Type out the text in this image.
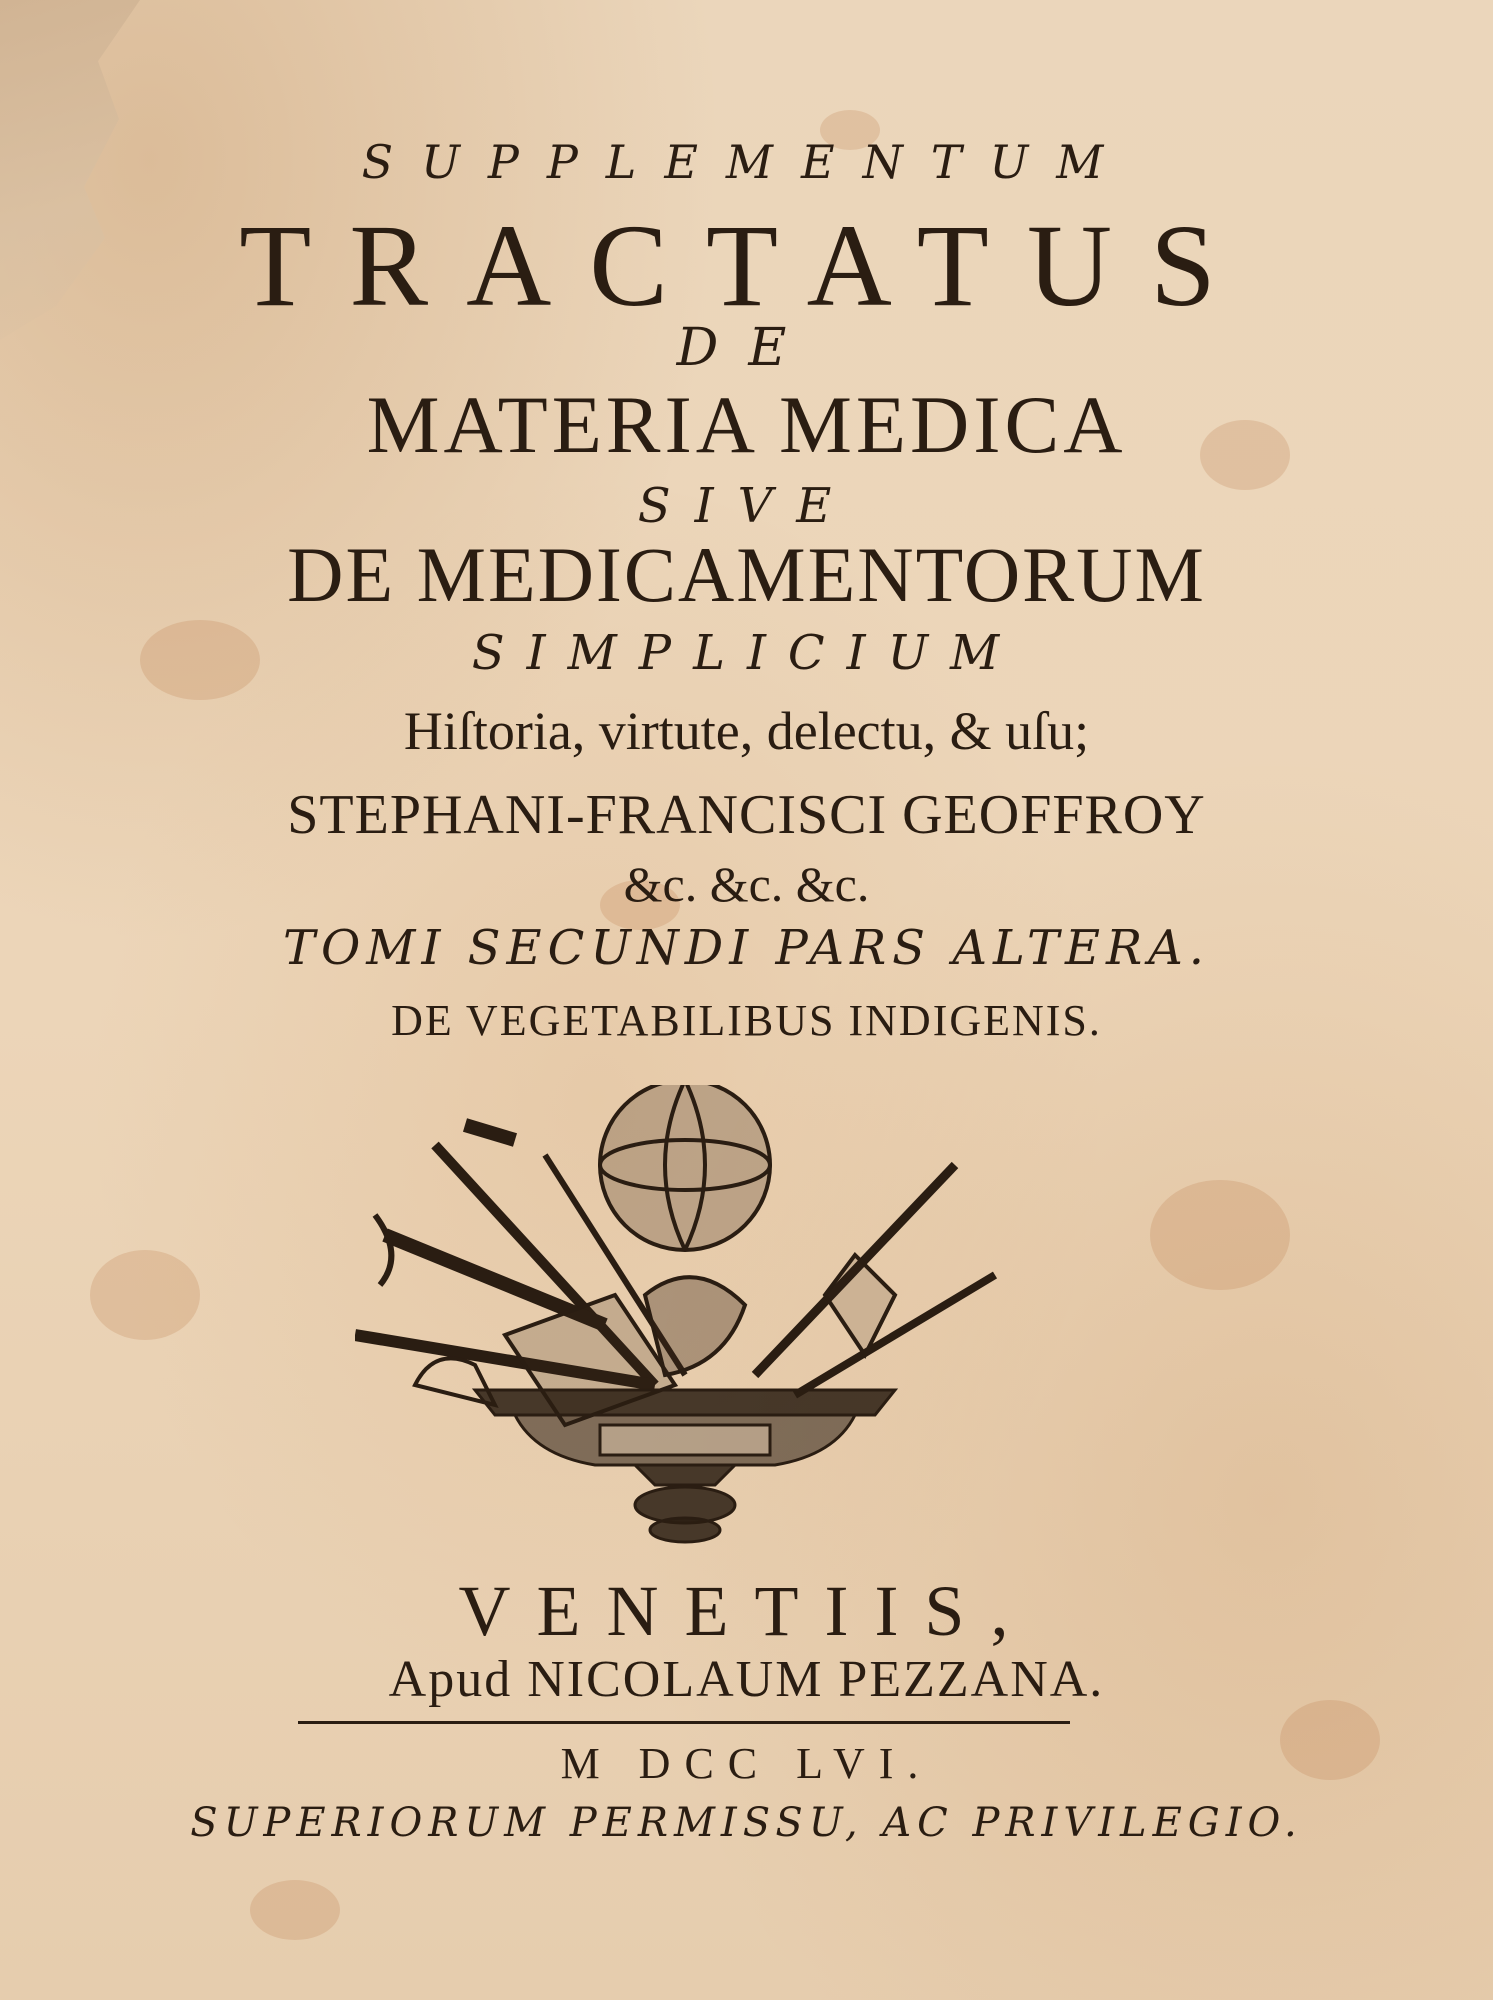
SUPPLEMENTUM
TRACTATUS
DE
MATERIA MEDICA
SIVE
DE MEDICAMENTORUM
SIMPLICIUM
Hiſtoria, virtute, delectu, & uſu;
STEPHANI-FRANCISCI GEOFFROY
&c. &c. &c.
TOMI SECUNDI PARS ALTERA.
DE VEGETABILIBUS INDIGENIS.
VENETIIS,
Apud NICOLAUM PEZZANA.
M DCC LVI.
SUPERIORUM PERMISSU, AC PRIVILEGIO.
